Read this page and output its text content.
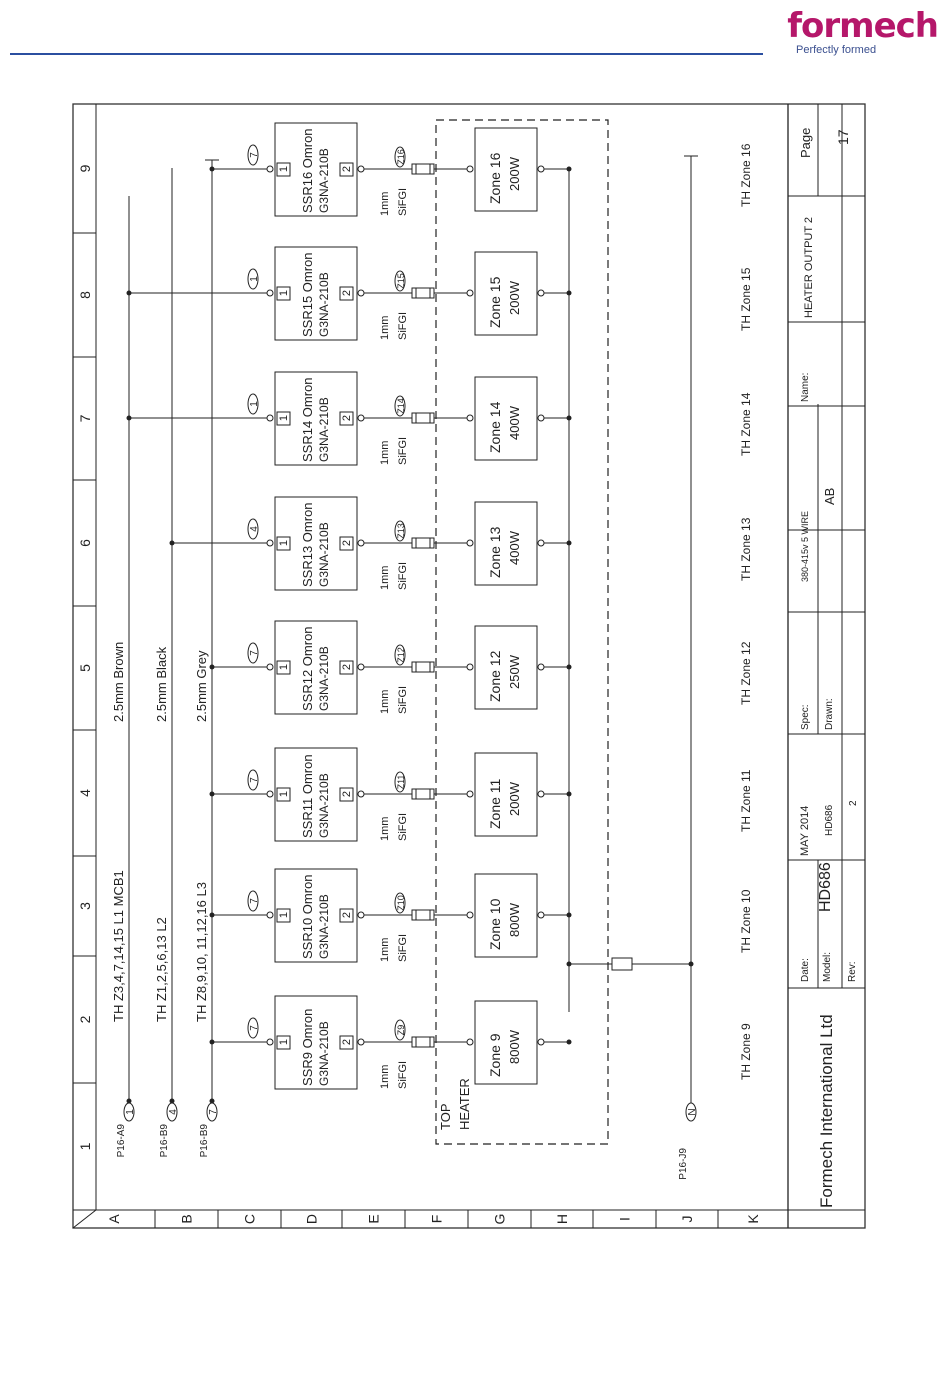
formech
Perfectly formed
A	B	C	D	E	F	G	H	I	J	K
1
2
3
4
5
6
7
8
9
P16-A9
1
TH Z3,4,7,14,15 L1 MCB1
2.5mm Brown
P16-B9
4
TH Z1,2,5,6,13 L2
2.5mm Black
P16-B9
7
TH Z8,9,10, 11,12,16 L3
2.5mm Grey
P16-J9
N
TOP HEATER
7	SSR9 Omron G3NA-210B
1	2
1mm SiFGI
Z9
Zone 9 800W	TH Zone 9
7	SSR10 Omron G3NA-210B
1	2
1mm SiFGI
Z10	Zone 10 800W	TH Zone 10
7	SSR11 Omron G3NA-210B
1	2
1mm SiFGI
Z11	Zone 11 200W	TH Zone 11
7	SSR12 Omron G3NA-210B
1	2
1mm SiFGI
Z12	Zone 12 250W	TH Zone 12
4	SSR13 Omron G3NA-210B
1	2
1mm SiFGI
Z13	Zone 13 400W	TH Zone 13
1	SSR14 Omron G3NA-210B
1	2
1mm SiFGI
Z14	Zone 14 400W	TH Zone 14
1	SSR15 Omron G3NA-210B
1	2
1mm SiFGI
Z15	Zone 15 200W	TH Zone 15
7	SSR16 Omron G3NA-210B
1	2
1mm SiFGI
Z16	Zone 16 200W	TH Zone 16
Formech International Ltd
HD686
Date: Model: Rev:
MAY 2014 HD686
2
Spec: Drawn:
380-415v 5 WIRE
AB
Name:
HEATER OUTPUT 2
Page 17
